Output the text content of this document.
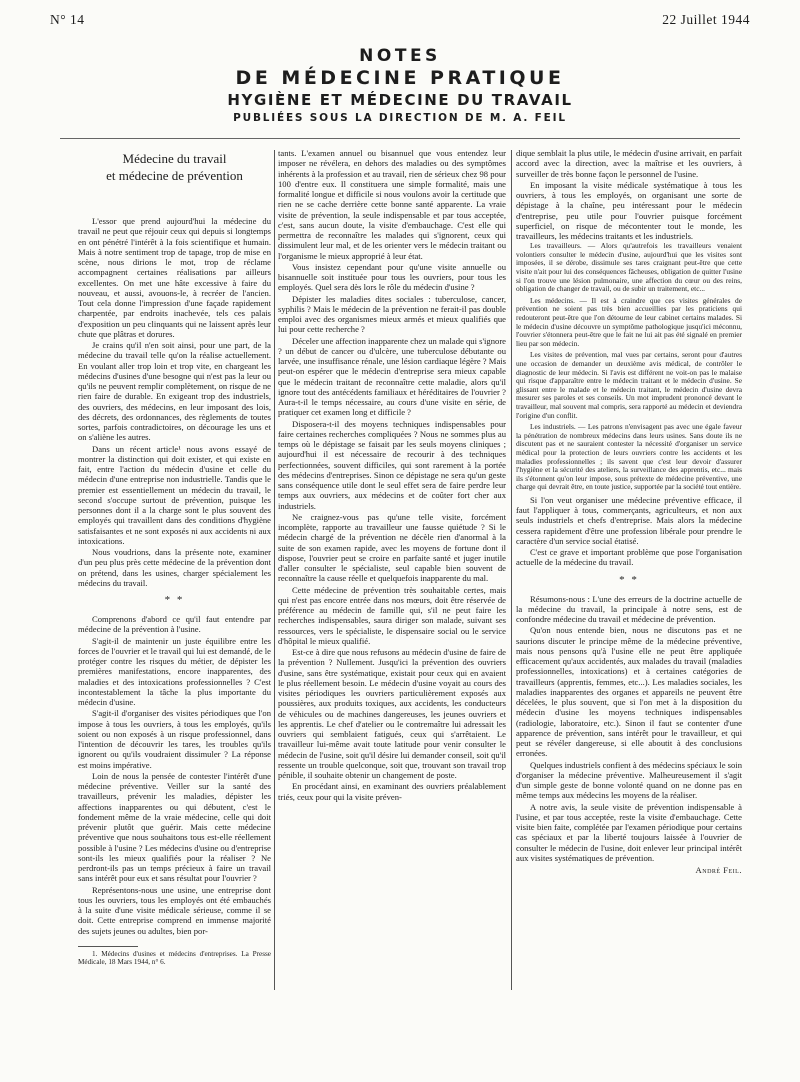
N° 14	22 Juillet 1944
NOTES
DE MÉDECINE PRATIQUE
HYGIÈNE ET MÉDECINE DU TRAVAIL
PUBLIÉES SOUS LA DIRECTION DE M. A. FEIL
Médecine du travail
et médecine de prévention

L'essor que prend aujourd'hui la médecine du travail ne peut que réjouir ceux qui depuis si longtemps en ont pénétré l'intérêt à la fois scientifique et humain. Mais à notre sentiment trop de tapage, trop de mise en scène, nous dirions le mot, trop de réclame accompagnent certaines réalisations par ailleurs excellentes. On met une hâte excessive à faire du nouveau, et aussi, avouons-le, à recréer de l'ancien. Tout cela donne l'impression d'une façade rapidement charpentée, par endroits inachevée, tels ces palais d'exposition un peu clinquants qui ne laissent après leur chute que plâtras et dorures.

Je crains qu'il n'en soit ainsi, pour une part, de la médecine du travail telle qu'on la réalise actuellement. En voulant aller trop loin et trop vite, en chargeant les médecins d'usines d'une besogne qui n'est pas la leur ou qu'ils ne peuvent remplir complètement, on risque de ne rien faire de durable. En exigeant trop des industriels, des ouvriers, des médecins, en leur imposant des lois, des décrets, des ordonnances, des règlements de toutes sortes, parfois contradictoires, on décourage les uns et on s'aliène les autres.

Dans un récent article¹ nous avons essayé de montrer la distinction qui doit exister, et qui existe en fait, entre l'action du médecin d'usine et celle du médecin d'une entreprise non industrielle. Tandis que le premier est essentiellement un médecin du travail, le second s'occupe surtout de prévention, puisque les personnes dont il a la charge sont le plus souvent des employés qui travaillent dans des conditions d'hygiène satisfaisantes et ne sont exposés ni aux accidents ni aux intoxications.

Nous voudrions, dans la présente note, examiner d'un peu plus près cette médecine de la prévention dont on prétend, dans les usines, charger spécialement les médecins du travail.

* *

Comprenons d'abord ce qu'il faut entendre par médecine de la prévention à l'usine.

S'agit-il de maintenir un juste équilibre entre les forces de l'ouvrier et le travail qui lui est demandé, de le protéger contre les risques du métier, de dépister les premières manifestations, encore inapparentes, des maladies et des intoxications professionnelles ? C'est incontestablement la tâche la plus importante du médecin d'usine.

S'agit-il d'organiser des visites périodiques que l'on impose à tous les ouvriers, à tous les employés, qu'ils soient ou non exposés à un risque professionnel, dans l'intention de découvrir les tares, les troubles qu'ils ignorent ou qu'ils voudraient dissimuler ? La réponse est moins impérative.

Loin de nous la pensée de contester l'intérêt d'une médecine préventive. Veiller sur la santé des travailleurs, prévenir les maladies, dépister les affections inapparentes ou qui débutent, c'est le fondement même de la vraie médecine, celle qui doit prévenir plutôt que guérir. Mais cette médecine préventive que nous souhaitons tous est-elle réellement possible à l'usine ? Les médecins d'usine ou d'entreprise sont-ils les mieux qualifiés pour la réaliser ? Ne perdront-ils pas un temps précieux à faire un travail sans intérêt pour eux et sans résultat pour l'ouvrier ?

Représentons-nous une usine, une entreprise dont tous les ouvriers, tous les employés ont été embauchés à la suite d'une visite médicale sérieuse, comme il se doit. Cette entreprise comprend en immense majorité des sujets jeunes ou adultes, bien por-

1. Médecins d'usines et médecins d'entreprises. La Presse Médicale, 18 Mars 1944, n° 6.

tants. L'examen annuel ou bisannuel que vous entendez leur imposer ne révélera, en dehors des maladies ou des symptômes inhérents à la profession et au travail, rien de sérieux chez 98 pour 100 d'entre eux. Il constituera une simple formalité, mais une formalité longue et difficile si nous voulons avoir la certitude que rien ne se cache derrière cette bonne santé apparente. La vraie visite de prévention, la seule indispensable et par tous acceptée, c'est, sans aucun doute, la visite d'embauchage. C'est elle qui permettra de reconnaître les malades qui s'ignorent, ceux qui dissimulent leur mal, et de les orienter vers le médecin traitant ou l'organisme le mieux approprié à leur état.

Vous insistez cependant pour qu'une visite annuelle ou bisannuelle soit instituée pour tous les ouvriers, pour tous les employés. Quel sera dès lors le rôle du médecin d'usine ?

Dépister les maladies dites sociales : tuberculose, cancer, syphilis ? Mais le médecin de la prévention ne ferait-il pas double emploi avec des organismes mieux armés et mieux qualifiés que lui pour cette recherche ?

Déceler une affection inapparente chez un malade qui s'ignore ? un début de cancer ou d'ulcère, une tuberculose débutante ou larvée, une insuffisance rénale, une lésion cardiaque légère ? Mais peut-on espérer que le médecin d'entreprise sera mieux capable que le médecin traitant de reconnaître cette maladie, alors qu'il ignore tout des antécédents familiaux et héréditaires de l'ouvrier ? Aura-t-il le temps nécessaire, au cours d'une visite en série, de pratiquer cet examen long et difficile ?

Disposera-t-il des moyens techniques indispensables pour faire certaines recherches compliquées ? Nous ne sommes plus au temps où le dépistage se faisait par les seuls moyens cliniques ; aujourd'hui il est nécessaire de recourir à des techniques perfectionnées, souvent difficiles, qui sont rarement à la portée des médecins d'entreprises. Sinon ce dépistage ne sera qu'un geste sans conséquence utile dont le seul effet sera de faire perdre leur temps aux ouvriers, aux médecins et de coûter fort cher aux industriels.

Ne craignez-vous pas qu'une telle visite, forcément incomplète, rapporte au travailleur une fausse quiétude ? Si le médecin chargé de la prévention ne décèle rien d'anormal à la suite de son examen rapide, avec les moyens de fortune dont il dispose, l'ouvrier peut se croire en parfaite santé et juger inutile d'aller consulter le spécialiste, seul capable bien souvent de reconnaître la cause réelle et quelquefois inapparente du mal.

Cette médecine de prévention très souhaitable certes, mais qui n'est pas encore entrée dans nos mœurs, doit être réservée de préférence au médecin de famille qui, s'il ne peut faire les recherches indispensables, saura diriger son malade, suivant ses ressources, vers le spécialiste, le dispensaire social ou le service d'hôpital le mieux qualifié.

Est-ce à dire que nous refusons au médecin d'usine de faire de la prévention ? Nullement. Jusqu'ici la prévention des ouvriers d'usine, sans être systématique, existait pour ceux qui en avaient le plus réellement besoin. Le médecin d'usine voyait au cours des visites périodiques les ouvriers particulièrement exposés aux poussières, aux produits toxiques, aux accidents, les conducteurs de véhicules ou de machines dangereuses, les jeunes ouvriers et les apprentis. Le chef d'atelier ou le contremaître lui adressait les ouvriers qui semblaient fatigués, ceux qui s'arrêtaient. Le travailleur lui-même avait toute latitude pour venir consulter le médecin de l'usine, soit qu'il désire lui demander conseil, soit qu'il ressente un trouble quelconque, soit que, trouvant son travail trop pénible, il souhaite obtenir un changement de poste.

En procédant ainsi, en examinant des ouvriers préalablement triés, ceux pour qui la visite préven-

dique semblait la plus utile, le médecin d'usine arrivait, en parfait accord avec la direction, avec la maîtrise et les ouvriers, à surveiller de très bonne façon le personnel de l'usine.

En imposant la visite médicale systématique à tous les ouvriers, à tous les employés, on organisant une sorte de dépistage à la chaîne, peu intéressant pour le médecin d'entreprise, peu utile pour l'ouvrier puisque forcément superficiel, on risque de mécontenter tout le monde, les travailleurs, les médecins traitants et les industriels.

Les travailleurs. — Alors qu'autrefois les travailleurs venaient volontiers consulter le médecin d'usine, aujourd'hui que les visites sont imposées, il se dérobe, dissimule ses tares craignant peut-être que cette visite n'ait pour lui des conséquences fâcheuses, obligation de quitter l'usine si l'on trouve une lésion pulmonaire, une affection du cœur ou des reins, obligation de changer de travail, ou de subir un traitement, etc...

Les médecins. — Il est à craindre que ces visites générales de prévention ne soient pas très bien accueillies par les praticiens qui redouteront peut-être que l'on détourne de leur cabinet certains malades. Si le médecin d'usine découvre un symptôme pathologique jusqu'ici méconnu, l'ouvrier s'étonnera peut-être que le fait ne lui ait pas été signalé en premier lieu par son médecin.

Les visites de prévention, mal vues par certains, seront pour d'autres une occasion de demander un deuxième avis médical, de contrôler le diagnostic de leur médecin. Si l'avis est différent ne voit-on pas le malaise qui risque d'apparaître entre le médecin traitant et le médecin d'usine. Se glissant entre le malade et le médecin traitant, le médecin d'usine devra mesurer ses paroles et ses conseils. Un mot imprudent prononcé devant le travailleur, mal souvent mal compris, sera rapporté au médecin et deviendra l'origine d'un conflit.

Les industriels. — Les patrons n'envisagent pas avec une égale faveur la pénétration de nombreux médecins dans leurs usines. Sans doute ils ne discutent pas et ne sauraient contester la nécessité d'organiser un service médical pour la protection de leurs ouvriers contre les accidents et les maladies professionnelles ; ils savent que c'est leur devoir d'assurer l'hygiène et la sécurité des ateliers, la surveillance des apprentis, etc... mais ils s'étonnent qu'on leur impose, sous prétexte de médecine préventive, une charge qui devrait être, en toute justice, supportée par la société tout entière.

Si l'on veut organiser une médecine préventive efficace, il faut l'appliquer à tous, commerçants, agriculteurs, et non aux seuls industriels et chefs d'entreprise. Mais alors la médecine cessera rapidement d'être une profession libérale pour prendre le caractère d'un service social étatisé.

C'est ce grave et important problème que pose l'organisation actuelle de la médecine du travail.

* *

Résumons-nous : L'une des erreurs de la doctrine actuelle de la médecine du travail, la principale à notre sens, est de confondre médecine du travail et médecine de prévention.

Qu'on nous entende bien, nous ne discutons pas et ne saurions discuter le principe même de la médecine préventive, mais nous pensons qu'à l'usine elle ne peut être appliquée efficacement qu'aux accidentés, aux malades du travail (maladies professionnelles, intoxications) et à certaines catégories de travailleurs (apprentis, femmes, etc...). Les maladies sociales, les maladies inapparentes des organes et appareils ne peuvent être décelées, le plus souvent, que si l'on met à la disposition du médecin d'usine les moyens techniques indispensables (radiologie, laboratoire, etc.). Sinon il faut se contenter d'une apparence de prévention, sans intérêt pour le travailleur, et qui peut se révéler dangereuse, si elle aboutit à des conclusions erronées.

Quelques industriels confient à des médecins spéciaux le soin d'organiser la médecine préventive. Malheureusement il s'agit d'un simple geste de bonne volonté quand on ne donne pas en même temps aux médecins les moyens de la réaliser.

A notre avis, la seule visite de prévention indispensable à l'usine, et par tous acceptée, reste la visite d'embauchage. Cette visite bien faite, complétée par l'examen périodique pour certains cas spéciaux et par la liberté toujours laissée à l'ouvrier de consulter le médecin de l'usine, doit enlever leur principal intérêt aux visites systématiques de prévention.

André Feil.
